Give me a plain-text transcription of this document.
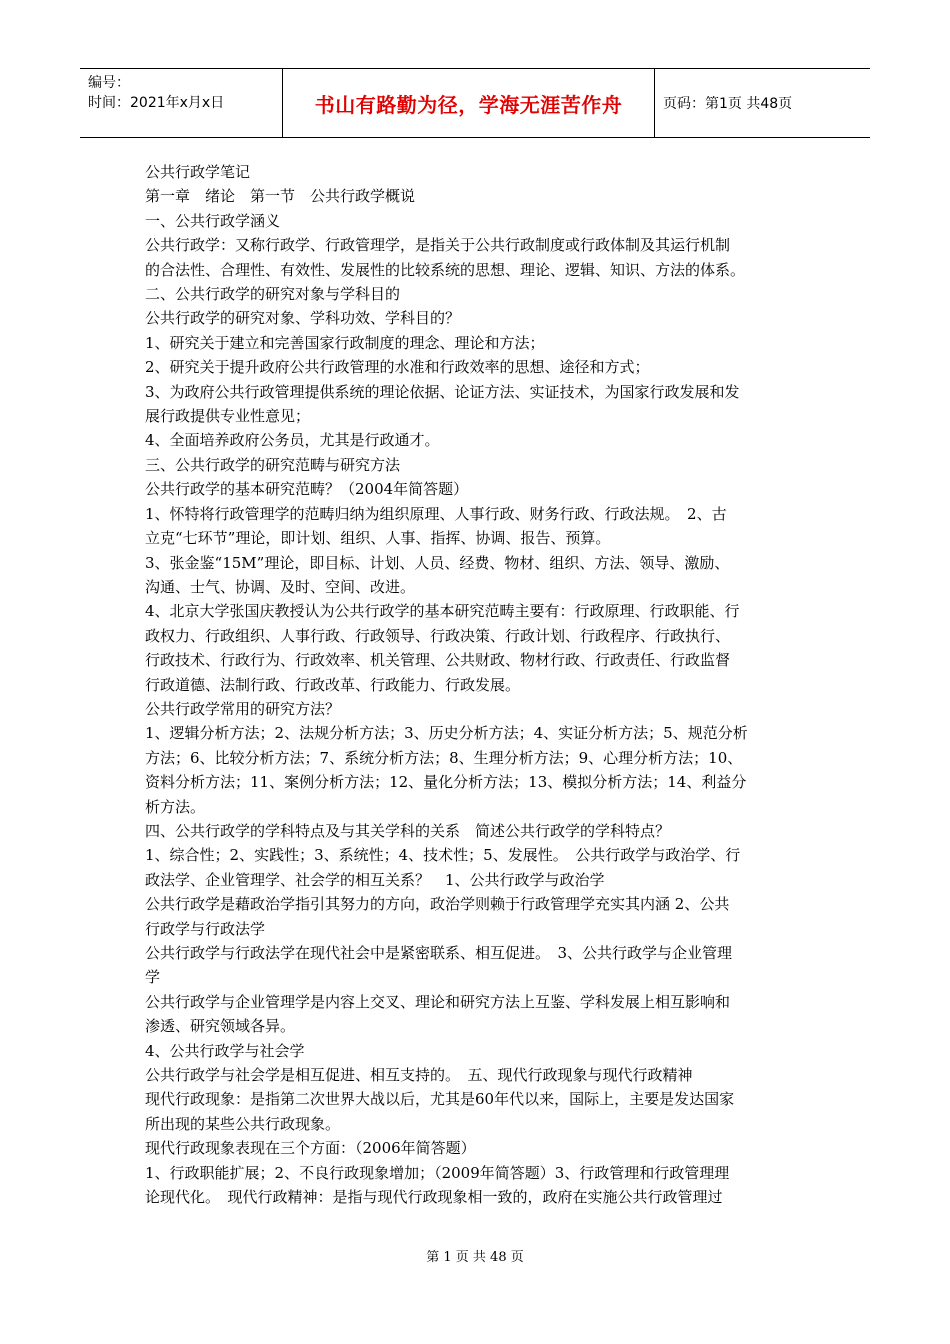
编号：
时间：2021年x月x日	书山有路勤为径，学海无涯苦作舟	页码：第1页 共48页

公共行政学笔记

第一章　绪论　第一节　公共行政学概说

一、公共行政学涵义

公共行政学：又称行政学、行政管理学，是指关于公共行政制度或行政体制及其运行机制

的合法性、合理性、有效性、发展性的比较系统的思想、理论、逻辑、知识、方法的体系。

二、公共行政学的研究对象与学科目的

公共行政学的研究对象、学科功效、学科目的？

1、研究关于建立和完善国家行政制度的理念、理论和方法；

2、研究关于提升政府公共行政管理的水准和行政效率的思想、途径和方式；

3、为政府公共行政管理提供系统的理论依据、论证方法、实证技术，为国家行政发展和发

展行政提供专业性意见；

4、全面培养政府公务员，尤其是行政通才。

三、公共行政学的研究范畴与研究方法

公共行政学的基本研究范畴？（2004年简答题）

1、怀特将行政管理学的范畴归纳为组织原理、人事行政、财务行政、行政法规。　2、古

立克“七环节”理论，即计划、组织、人事、指挥、协调、报告、预算。

3、张金鉴“15M”理论，即目标、计划、人员、经费、物材、组织、方法、领导、激励、

沟通、士气、协调、及时、空间、改进。

4、北京大学张国庆教授认为公共行政学的基本研究范畴主要有：行政原理、行政职能、行

政权力、行政组织、人事行政、行政领导、行政决策、行政计划、行政程序、行政执行、

行政技术、行政行为、行政效率、机关管理、公共财政、物材行政、行政责任、行政监督

行政道德、法制行政、行政改革、行政能力、行政发展。

公共行政学常用的研究方法？

1、逻辑分析方法；2、法规分析方法；3、历史分析方法；4、实证分析方法；5、规范分析

方法；6、比较分析方法；7、系统分析方法；8、生理分析方法；9、心理分析方法；10、

资料分析方法；11、案例分析方法；12、量化分析方法；13、模拟分析方法；14、利益分

析方法。

四、公共行政学的学科特点及与其关学科的关系　简述公共行政学的学科特点？

1、综合性；2、实践性；3、系统性；4、技术性；5、发展性。　公共行政学与政治学、行

政法学、企业管理学、社会学的相互关系？　1、公共行政学与政治学

公共行政学是藉政治学指引其努力的方向，政治学则赖于行政管理学充实其内涵 2、公共

行政学与行政法学

公共行政学与行政法学在现代社会中是紧密联系、相互促进。　3、公共行政学与企业管理

学

公共行政学与企业管理学是内容上交叉、理论和研究方法上互鉴、学科发展上相互影响和

渗透、研究领域各异。

4、公共行政学与社会学

公共行政学与社会学是相互促进、相互支持的。　五、现代行政现象与现代行政精神

现代行政现象：是指第二次世界大战以后，尤其是60年代以来，国际上，主要是发达国家

所出现的某些公共行政现象。

现代行政现象表现在三个方面：（2006年简答题）

1、行政职能扩展；2、不良行政现象增加；（2009年简答题）3、行政管理和行政管理理

论现代化。　现代行政精神：是指与现代行政现象相一致的，政府在实施公共行政管理过

第 1 页 共 48 页
